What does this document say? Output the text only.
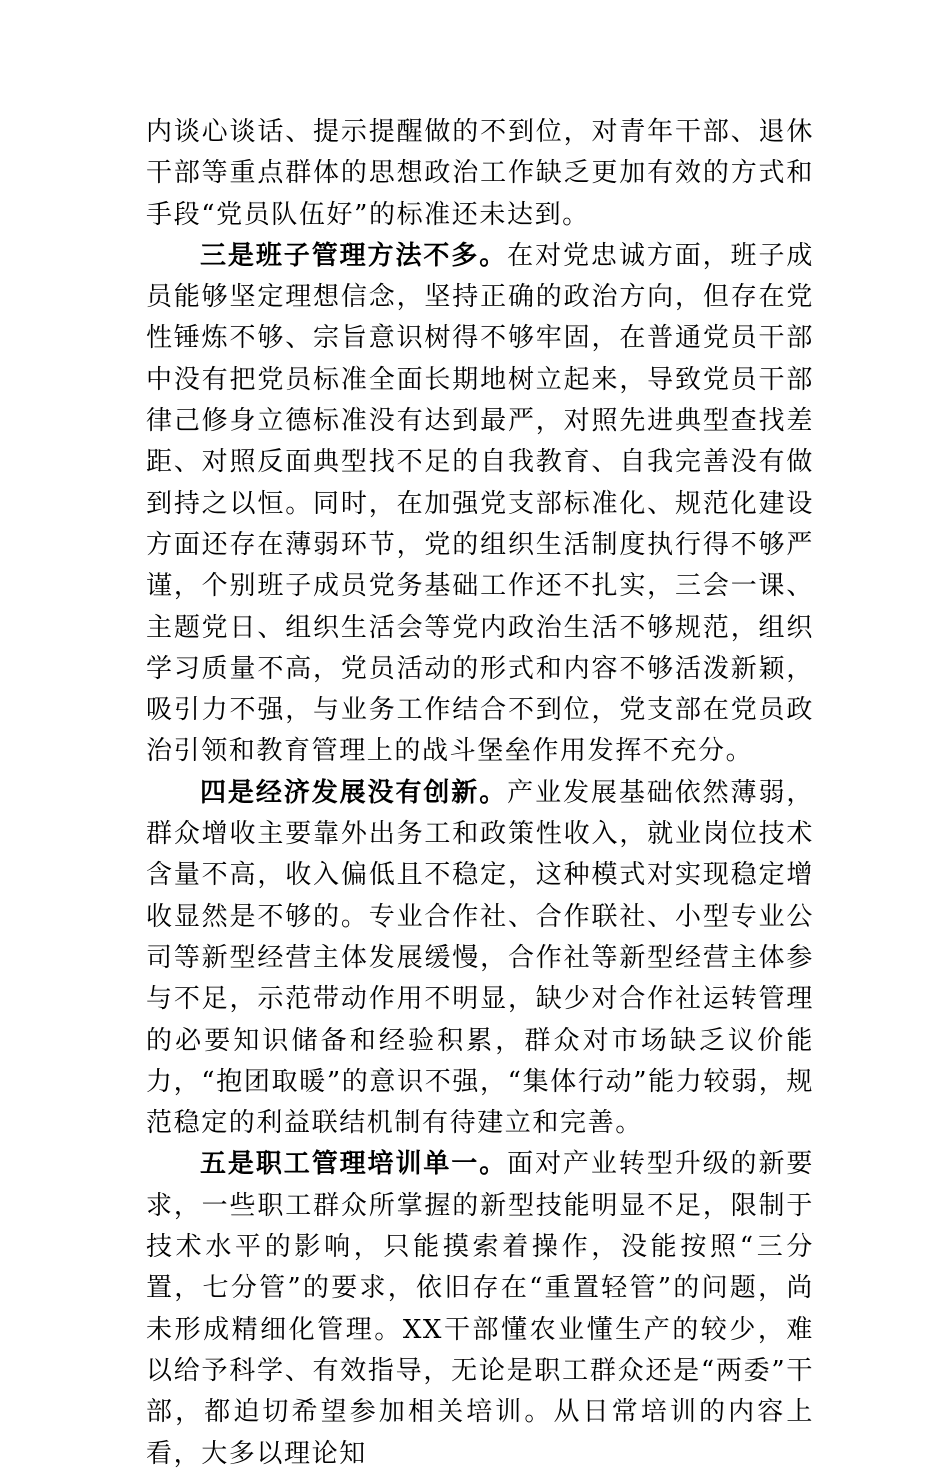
内谈心谈话、提示提醒做的不到位，对青年干部、退休干部等重点群体的思想政治工作缺乏更加有效的方式和手段“党员队伍好”的标准还未达到。

三是班子管理方法不多。在对党忠诚方面，班子成员能够坚定理想信念，坚持正确的政治方向，但存在党性锤炼不够、宗旨意识树得不够牢固，在普通党员干部中没有把党员标准全面长期地树立起来，导致党员干部律己修身立德标准没有达到最严，对照先进典型查找差距、对照反面典型找不足的自我教育、自我完善没有做到持之以恒。同时，在加强党支部标准化、规范化建设方面还存在薄弱环节，党的组织生活制度执行得不够严谨，个别班子成员党务基础工作还不扎实，三会一课、主题党日、组织生活会等党内政治生活不够规范，组织学习质量不高，党员活动的形式和内容不够活泼新颖，吸引力不强，与业务工作结合不到位，党支部在党员政治引领和教育管理上的战斗堡垒作用发挥不充分。

四是经济发展没有创新。产业发展基础依然薄弱，群众增收主要靠外出务工和政策性收入，就业岗位技术含量不高，收入偏低且不稳定，这种模式对实现稳定增收显然是不够的。专业合作社、合作联社、小型专业公司等新型经营主体发展缓慢，合作社等新型经营主体参与不足，示范带动作用不明显，缺少对合作社运转管理的必要知识储备和经验积累，群众对市场缺乏议价能力，“抱团取暖”的意识不强，“集体行动”能力较弱，规范稳定的利益联结机制有待建立和完善。

五是职工管理培训单一。面对产业转型升级的新要求，一些职工群众所掌握的新型技能明显不足，限制于技术水平的影响，只能摸索着操作，没能按照“三分置，七分管”的要求，依旧存在“重置轻管”的问题，尚未形成精细化管理。XX干部懂农业懂生产的较少，难以给予科学、有效指导，无论是职工群众还是“两委”干部，都迫切希望参加相关培训。从日常培训的内容上看，大多以理论知
